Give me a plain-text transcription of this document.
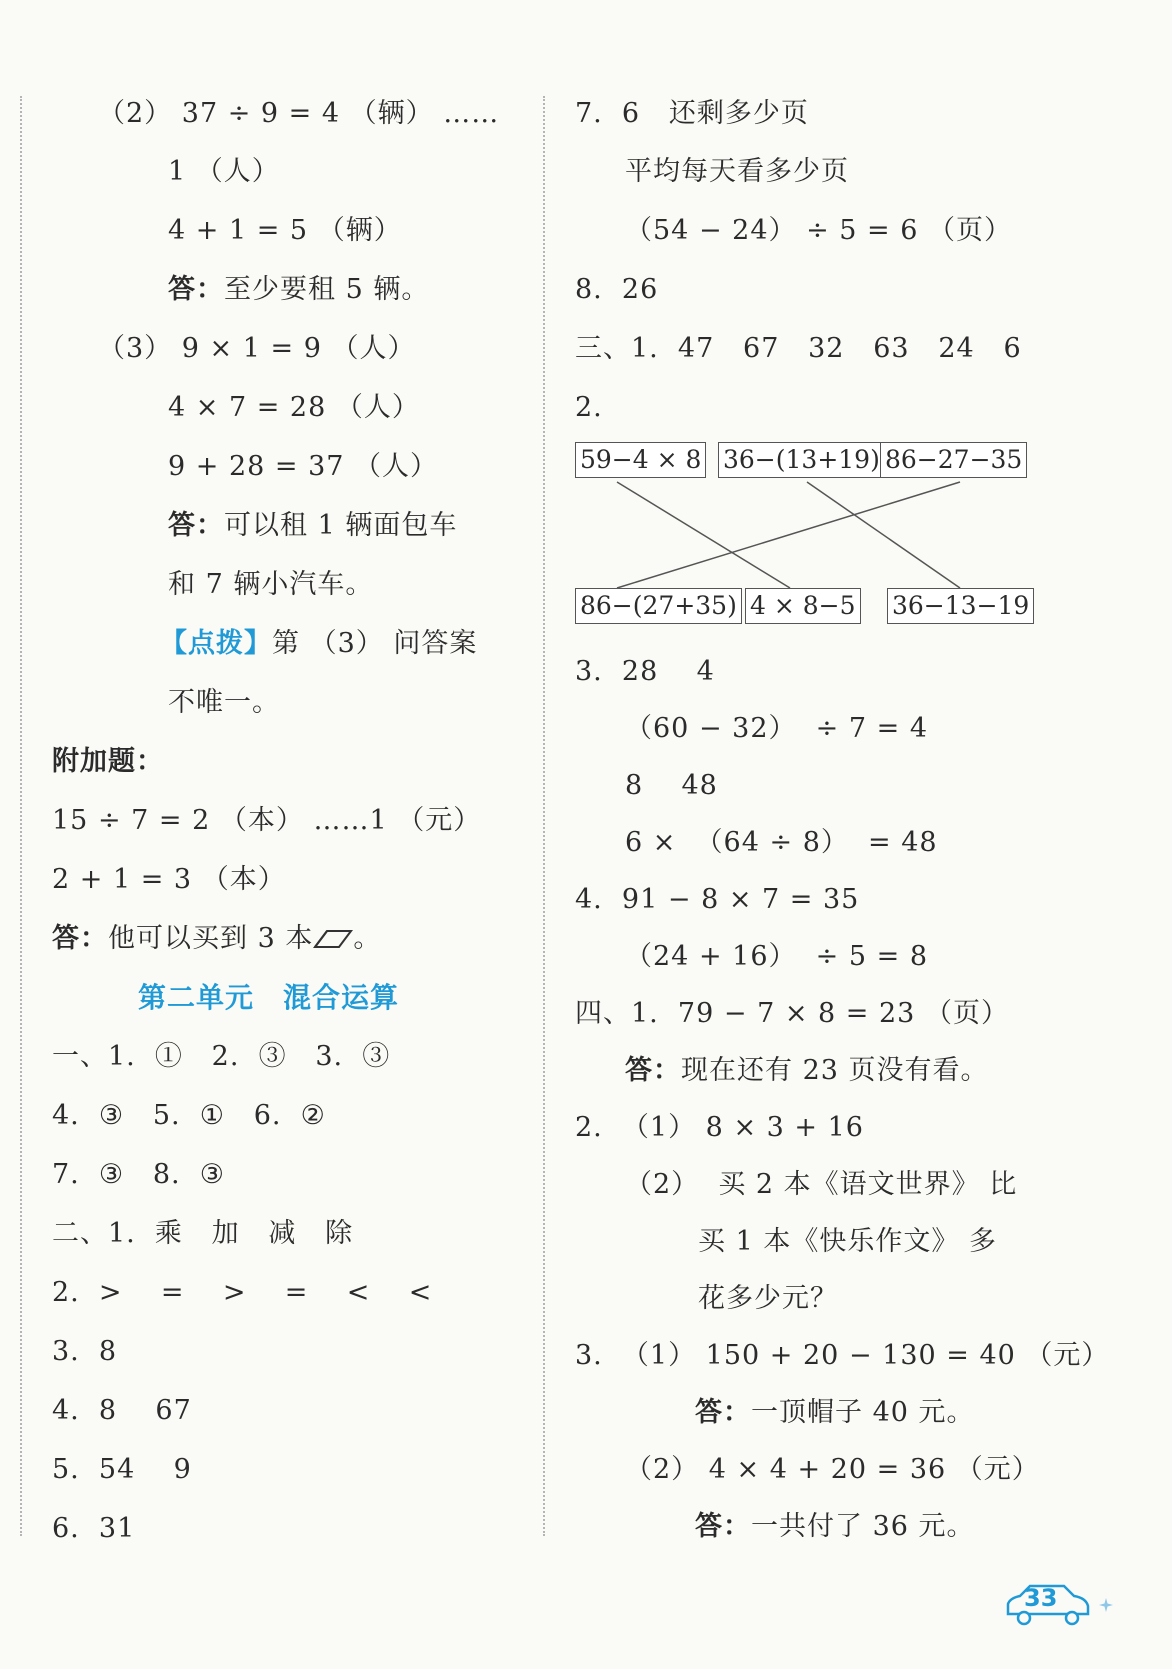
（2） 37 ÷ 9 = 4 （辆） ……
1 （人）
4 + 1 = 5 （辆）
答：至少要租 5 辆。
（3） 9 × 1 = 9 （人）
4 × 7 = 28 （人）
9 + 28 = 37 （人）
答：可以租 1 辆面包车
和 7 辆小汽车。
【点拨】第 （3） 问答案
不唯一。
附加题：
15 ÷ 7 = 2 （本） ……1 （元）
2 + 1 = 3 （本）
答：他可以买到 3 本 。
第二单元　混合运算
一、1.  ①   2.  ③   3.  ③
4.  ③   5.  ①   6.  ②
7.  ③   8.  ③
二、1.  乘   加   减   除
2.  >    =    >    =    <    <
3.  8
4.  8    67
5.  54    9
6.  31
7.  6   还剩多少页
平均每天看多少页
（54 − 24） ÷ 5 = 6 （页）
8.  26
三、1.  47   67   32   63   24   6
2.
59−4 × 8 36−(13+19) 86−27−35
86−(27+35) 4 × 8−5 36−13−19
3.  28    4
（60 − 32）  ÷ 7 = 4
8    48
6 ×  （64 ÷ 8）  = 48
4.  91 − 8 × 7 = 35
（24 + 16）  ÷ 5 = 8
四、1.  79 − 7 × 8 = 23 （页）
答：现在还有 23 页没有看。
2.  （1） 8 × 3 + 16
（2）  买 2 本《语文世界》 比
买 1 本《快乐作文》 多
花多少元？
3.  （1） 150 + 20 − 130 = 40 （元）
答：一顶帽子 40 元。
（2） 4 × 4 + 20 = 36 （元）
答：一共付了 36 元。
33
